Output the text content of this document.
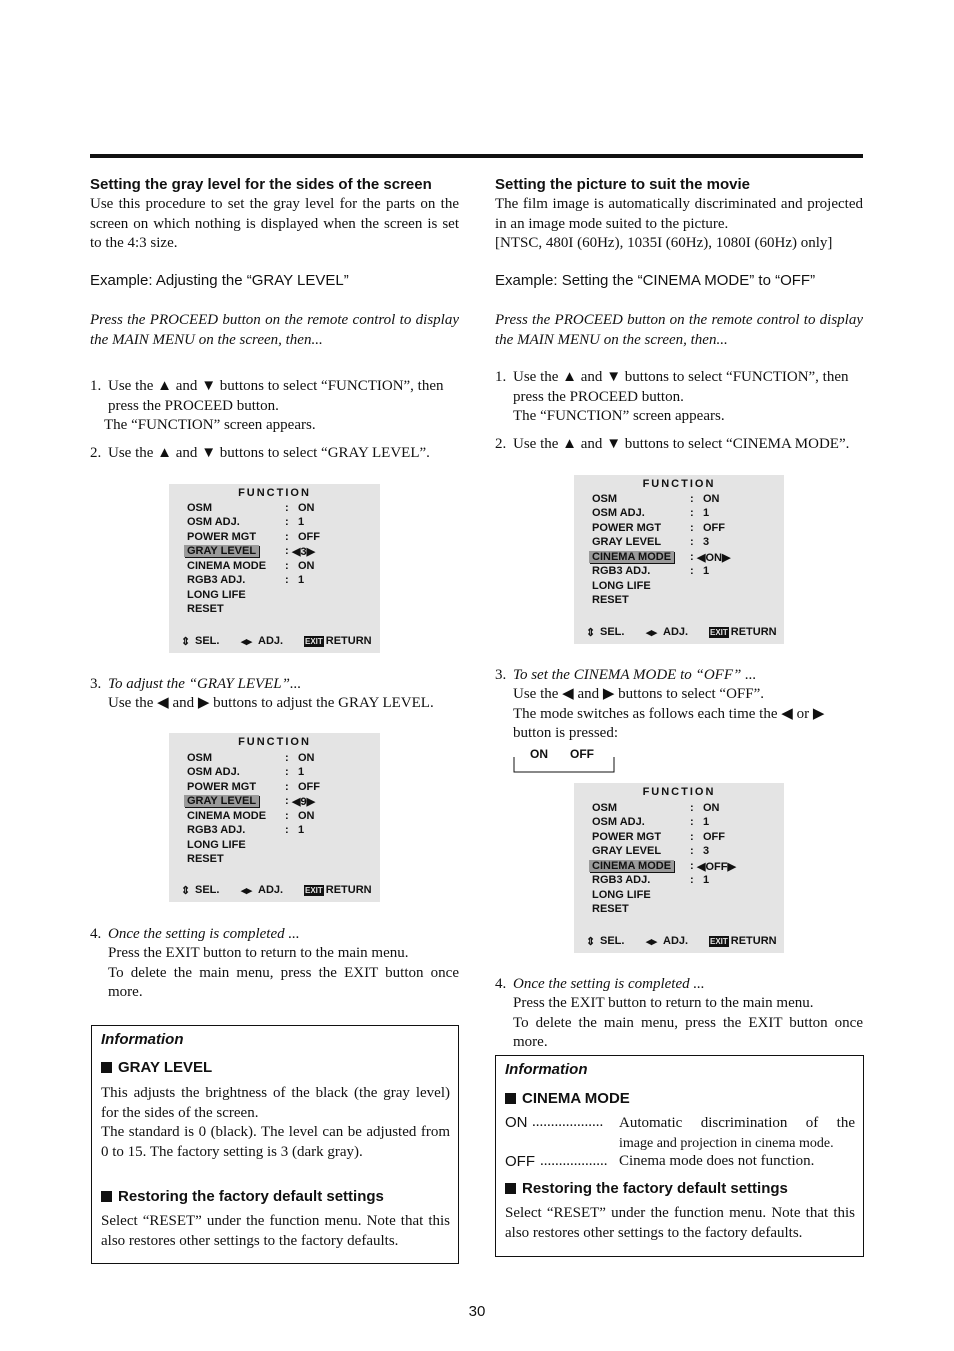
Setting the gray level for the sides of the screen
Use this procedure to set the gray level for the parts on the screen on which nothing is displayed when the screen is set to the 4:3 size.
Example: Adjusting the “GRAY LEVEL”
Press the PROCEED button on the remote control to display the MAIN MENU on the screen, then...
1. Use the ▲ and ▼ buttons to select “FUNCTION”, then press the PROCEED button.
The “FUNCTION” screen appears.
2. Use the ▲ and ▼ buttons to select “GRAY LEVEL”.
FUNCTION
OSM	: ON
OSM ADJ.	: 1
POWER MGT	: OFF
GRAY LEVEL	: ◀3▶
CINEMA MODE : ON
RGB3 ADJ.	: 1
LONG LIFE
RESET
⇕ SEL. ◂▸ ADJ.	EXIT RETURN
3. To adjust the “GRAY LEVEL”...
Use the ◀ and ▶ buttons to adjust the GRAY LEVEL.
FUNCTION
OSM	: ON
OSM ADJ.	: 1
POWER MGT	: OFF
GRAY LEVEL	: ◀9▶
CINEMA MODE : ON
RGB3 ADJ.	: 1
LONG LIFE
RESET
⇕ SEL. ◂▸ ADJ.	EXIT RETURN
4. Once the setting is completed ...
Press the EXIT button to return to the main menu.
To delete the main menu, press the EXIT button once more.
Information
GRAY LEVEL
This adjusts the brightness of the black (the gray level) for the sides of the screen.
The standard is 0 (black). The level can be adjusted from 0 to 15. The factory setting is 3 (dark gray).
Restoring the factory default settings
Select “RESET” under the function menu. Note that this also restores other settings to the factory defaults.
Setting the picture to suit the movie
The film image is automatically discriminated and projected in an image mode suited to the picture.
[NTSC, 480I (60Hz), 1035I (60Hz), 1080I (60Hz) only]
Example: Setting the “CINEMA MODE” to “OFF”
Press the PROCEED button on the remote control to display the MAIN MENU on the screen, then...
1. Use the ▲ and ▼ buttons to select “FUNCTION”, then press the PROCEED button.
The “FUNCTION” screen appears.
2. Use the ▲ and ▼ buttons to select “CINEMA MODE”.
FUNCTION
OSM	: ON
OSM ADJ.	: 1
POWER MGT	: OFF
GRAY LEVEL	: 3
CINEMA MODE : ◀ON▶
RGB3 ADJ.	: 1
LONG LIFE
RESET
⇕ SEL. ◂▸ ADJ.	EXIT RETURN
3. To set the CINEMA MODE to “OFF” ...
Use the ◀ and ▶ buttons to select “OFF”.
The mode switches as follows each time the ◀ or ▶
button is pressed:
ON OFF
FUNCTION
OSM	: ON
OSM ADJ.	: 1
POWER MGT	: OFF
GRAY LEVEL	: 3
CINEMA MODE : ◀OFF▶
RGB3 ADJ.	: 1
LONG LIFE
RESET
⇕ SEL. ◂▸ ADJ.	EXIT RETURN
4. Once the setting is completed ...
Press the EXIT button to return to the main menu.
To delete the main menu, press the EXIT button once more.
Information
CINEMA MODE
ON ................... Automatic discrimination of the
image and projection in cinema mode.
OFF .................. Cinema mode does not function.
Restoring the factory default settings
Select “RESET” under the function menu. Note that this also restores other settings to the factory defaults.
30
